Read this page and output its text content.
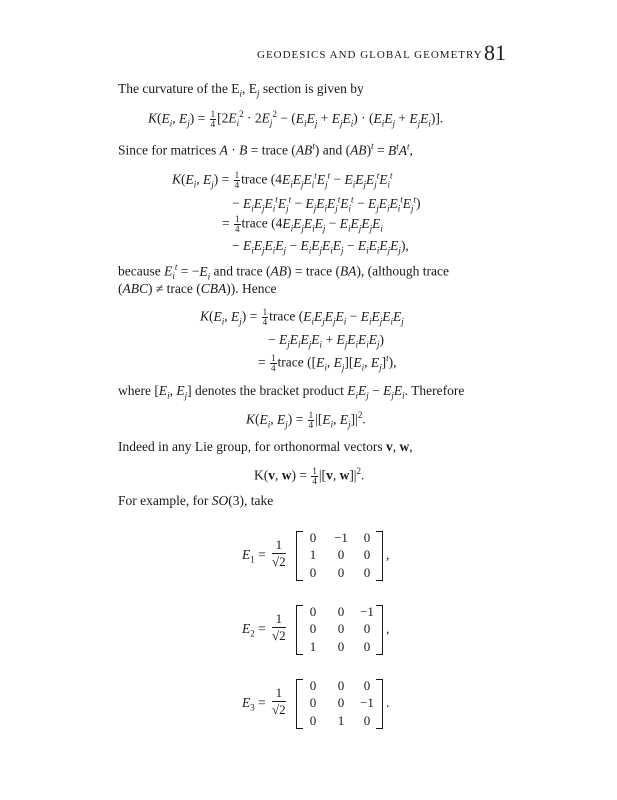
GEODESICS AND GLOBAL GEOMETRY 81
The curvature of the $E_i$, $E_j$ section is given by
$K(E_i$, $E_j) = \frac{1}{4} [2E_i^2 \cdot 2E_j^2 - (E_iE_j + E_jE_i) \cdot (E_iE_j + E_jE_i)]$.
Since for matrices A · B = trace $(AB^t)$ and $(AB)^t = B^tA^t$,
$K(E_i$, $E_j) = \frac{1}{4}$ trace ($4E_iE_jE_i^tE_j^t - E_iE_jE_j^tE_i^t$
− $E_iE_jE_i^tE_j^t - E_jE_iE_j^tE_i^t - E_jE_iE_i^tE_j^t$)
= $\frac{1}{4}$ trace ($4E_iE_jE_iE_j - E_iE_jE_jE_i$
− $E_iE_jE_iE_j - E_iE_jE_iE_j - E_iE_iE_jE_j$),
because $E_i^t = -E_i$ and trace (AB) = trace (BA), (although trace
(ABC) ≠ trace (CBA)). Hence
$K(E_i$, $E_j) = \frac{1}{4}$ trace ($E_iE_jE_jE_i - E_iE_jE_iE_j$
− $E_jE_iE_jE_i + E_jE_iE_iE_j$)
= $\frac{1}{4}$ trace ([$E_i$, $E_j][E_i$, $E_j]^t$),
where [$E_i$, $E_j$] denotes the bracket product $E_iE_j - E_jE_i$. Therefore
$K(E_i$, $E_j) = \frac{1}{4} |[E_i$, $E_j]|^2$.
Indeed in any Lie group, for orthonormal vectors v, w,
K(v, $w) = \frac{1}{4} |[v$, $w]|^2$.
For example, for SO(3), take
$E_1$ =
1
√2
0	−1	0
1	0	0
0	0	0
,
$E_2$ =
1
√2
0	0	−1
0	0	0
1	0	0
,
$E_3$ =
1
√2
0	0	0
0	0	−1
0	1	0
.
